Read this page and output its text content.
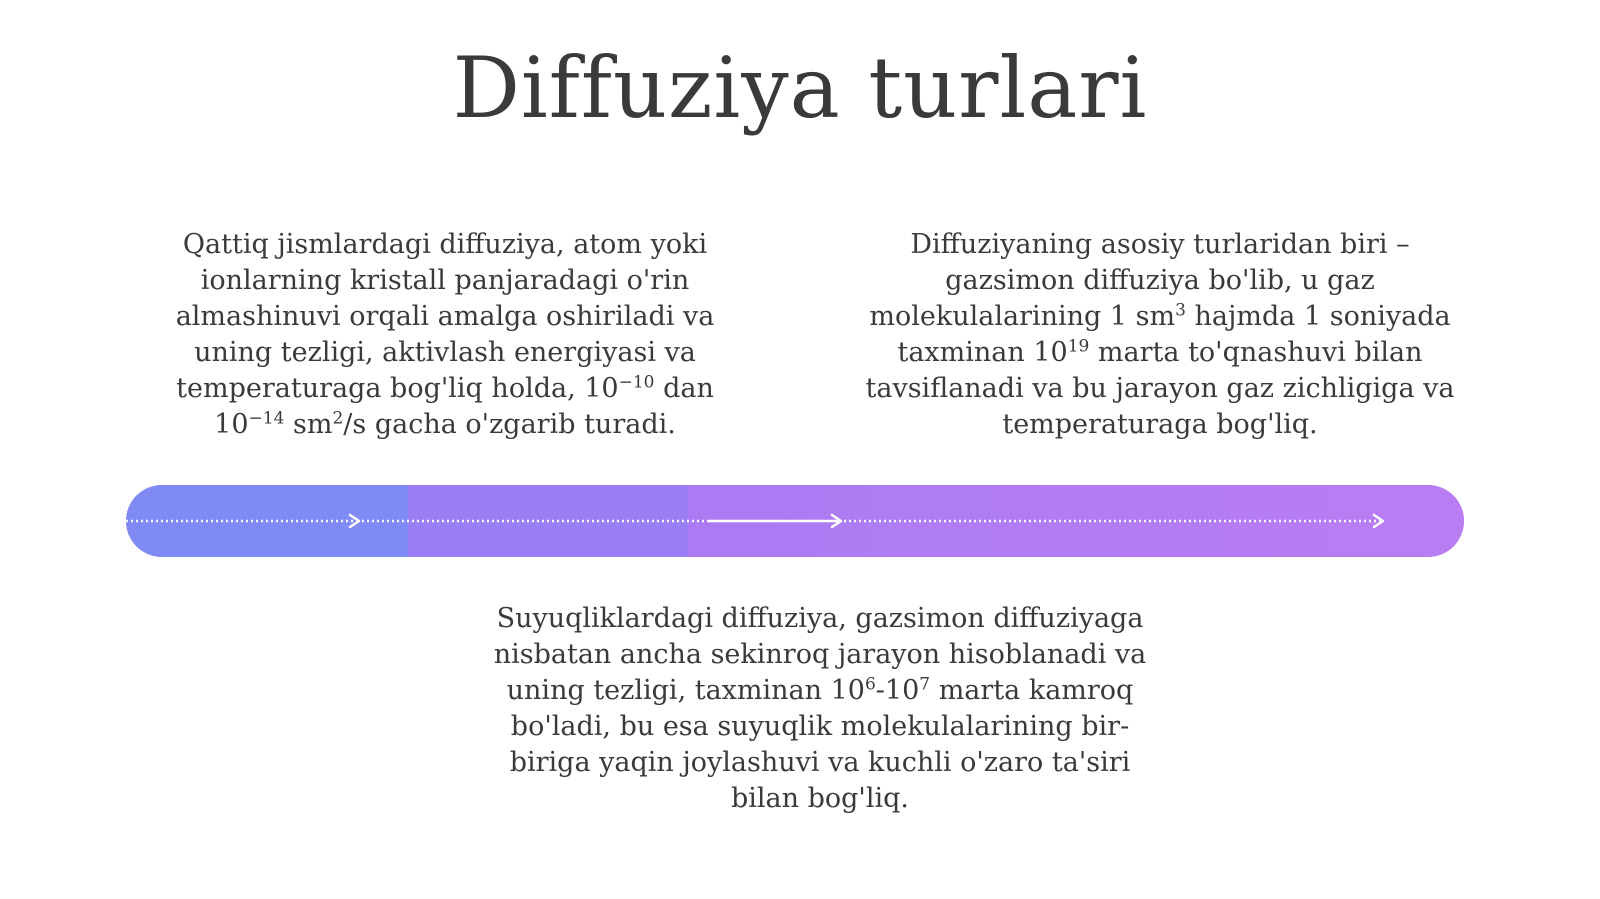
Diffuziya turlari
Qattiq jismlardagi diffuziya, atom yoki
ionlarning kristall panjaradagi o'rin
almashinuvi orqali amalga oshiriladi va
uning tezligi, aktivlash energiyasi va
temperaturaga bog'liq holda, $10^{-10}$ dan
$10^{-14}$ $sm^2/s$ gacha o'zgarib turadi.
Diffuziyaning asosiy turlaridan biri –
gazsimon diffuziya bo'lib, u gaz
molekulalarining 1 $sm^3$ hajmda 1 soniyada
taxminan $10^{19}$ marta to'qnashuvi bilan
tavsiflanadi va bu jarayon gaz zichligiga va
temperaturaga bog'liq.
Suyuqliklardagi diffuziya, gazsimon diffuziyaga
nisbatan ancha sekinroq jarayon hisoblanadi va
uning tezligi, taxminan $10^6-10^7$ marta kamroq
bo'ladi, bu esa suyuqlik molekulalarining bir-
biriga yaqin joylashuvi va kuchli o'zaro ta'siri
bilan bog'liq.
